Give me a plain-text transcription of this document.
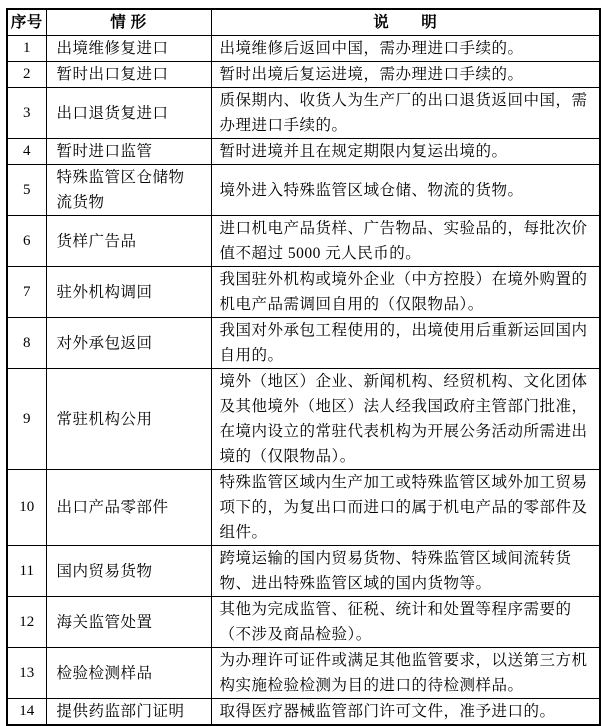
序号	情 形	说　　明
1	出境维修复进口	出境维修后返回中国，需办理进口手续的。
2	暂时出口复进口	暂时出境后复运进境，需办理进口手续的。
3	出口退货复进口	质保期内、收货人为生产厂的出口退货返回中国，需办理进口手续的。
4	暂时进口监管	暂时进境并且在规定期限内复运出境的。
5	特殊监管区仓储物流货物	境外进入特殊监管区域仓储、物流的货物。
6	货样广告品	进口机电产品货样、广告物品、实验品的，每批次价值不超过 5000 元人民币的。
7	驻外机构调回	我国驻外机构或境外企业（中方控股）在境外购置的机电产品需调回自用的（仅限物品）。
8	对外承包返回	我国对外承包工程使用的，出境使用后重新运回国内自用的。
9	常驻机构公用	境外（地区）企业、新闻机构、经贸机构、文化团体及其他境外（地区）法人经我国政府主管部门批准，在境内设立的常驻代表机构为开展公务活动所需进出境的（仅限物品）。
10	出口产品零部件	特殊监管区域内生产加工或特殊监管区域外加工贸易项下的，为复出口而进口的属于机电产品的零部件及组件。
11	国内贸易货物	跨境运输的国内贸易货物、特殊监管区域间流转货物、进出特殊监管区域的国内货物等。
12	海关监管处置	其他为完成监管、征税、统计和处置等程序需要的（不涉及商品检验）。
13	检验检测样品	为办理许可证件或满足其他监管要求，以送第三方机构实施检验检测为目的进口的待检测样品。
14	提供药监部门证明	取得医疗器械监管部门许可文件，准予进口的。
